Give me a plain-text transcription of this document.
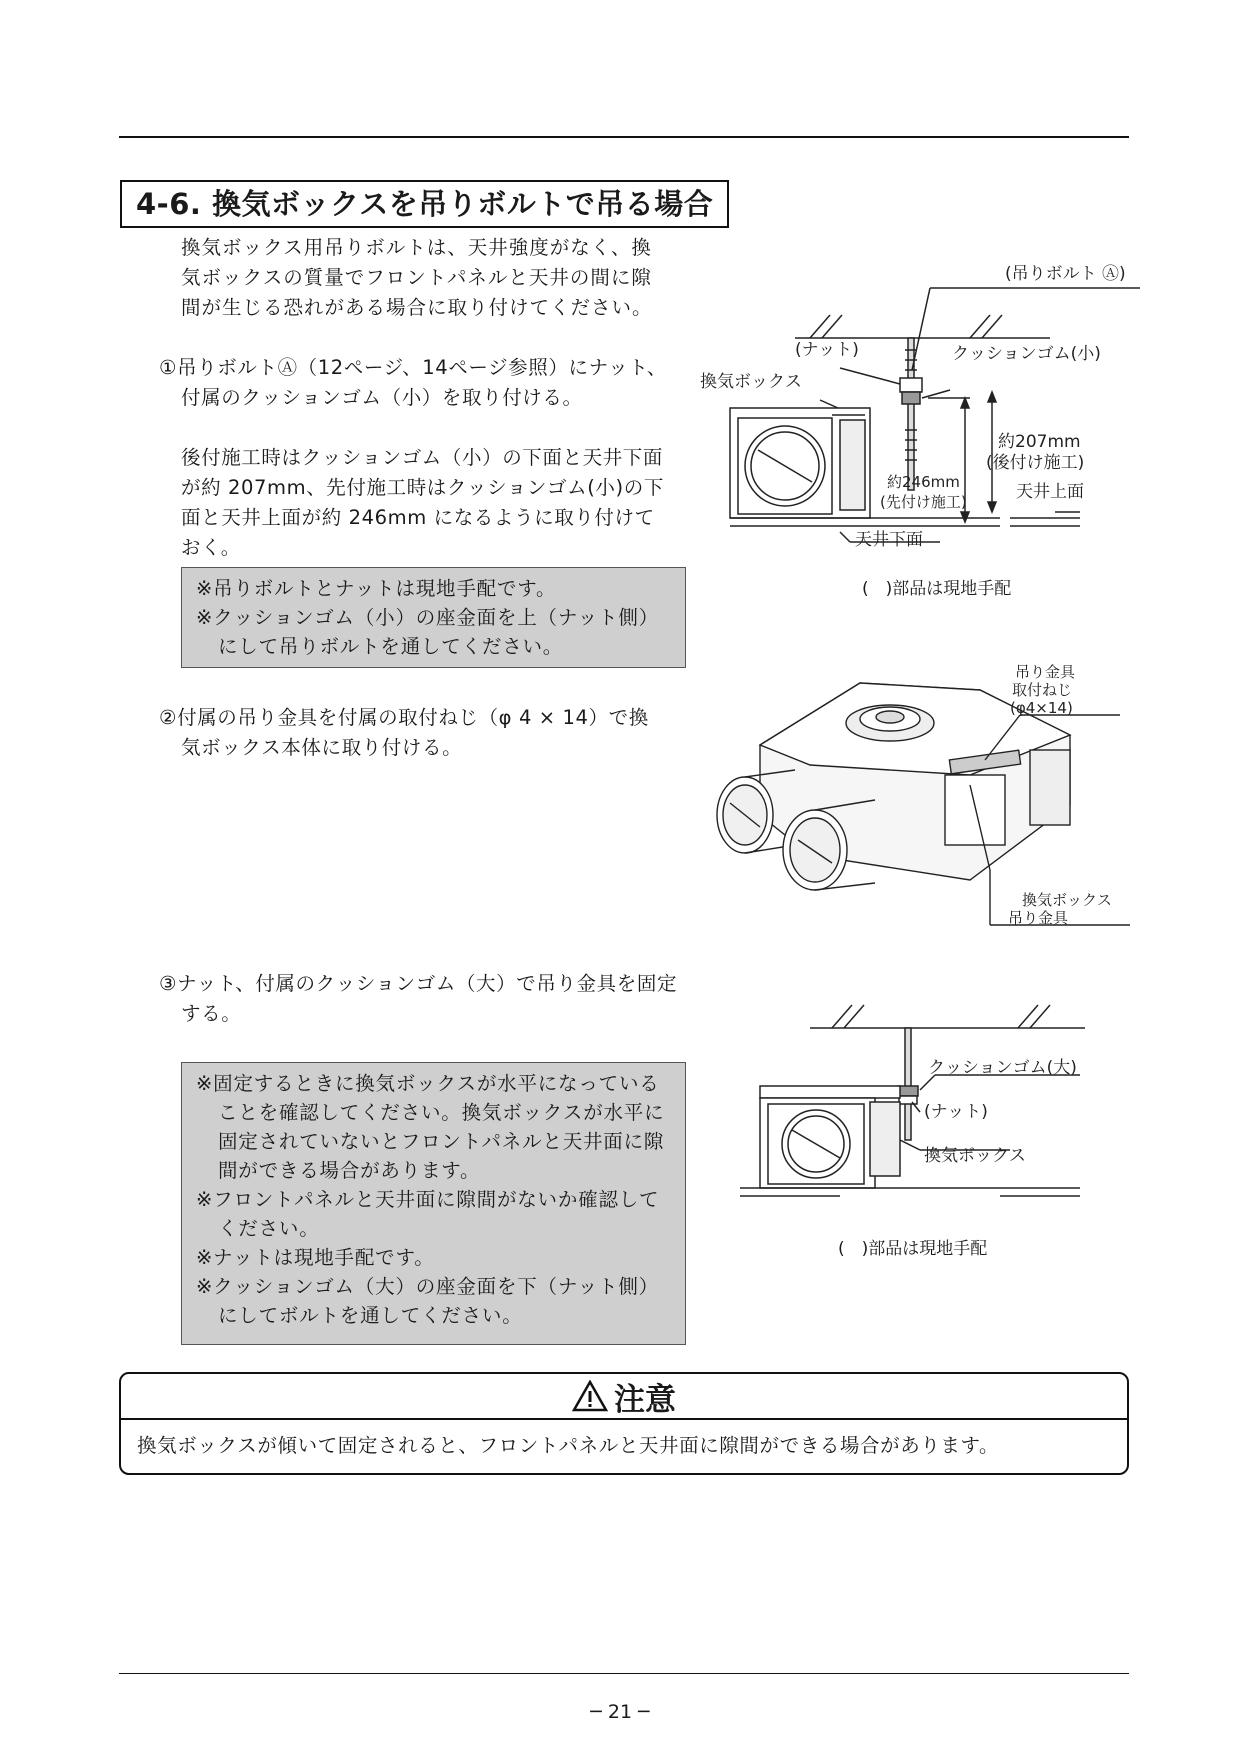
4-6. 換気ボックスを吊りボルトで吊る場合
換気ボックス用吊りボルトは、天井強度がなく、換
気ボックスの質量でフロントパネルと天井の間に隙
間が生じる恐れがある場合に取り付けてください。
①吊りボルトⒶ（12ページ、14ページ参照）にナット、
付属のクッションゴム（小）を取り付ける。
後付施工時はクッションゴム（小）の下面と天井下面
が約 207mm、先付施工時はクッションゴム(小)の下
面と天井上面が約 246mm になるように取り付けて
おく。
※吊りボルトとナットは現地手配です。
※クッションゴム（小）の座金面を上（ナット側）
にして吊りボルトを通してください。
②付属の吊り金具を付属の取付ねじ（φ 4 × 14）で換
気ボックス本体に取り付ける。
③ナット、付属のクッションゴム（大）で吊り金具を固定
する。
※固定するときに換気ボックスが水平になっている
ことを確認してください。換気ボックスが水平に
固定されていないとフロントパネルと天井面に隙
間ができる場合があります。
※フロントパネルと天井面に隙間がないか確認して
ください。
※ナットは現地手配です。
※クッションゴム（大）の座金面を下（ナット側）
にしてボルトを通してください。
(吊りボルト Ⓐ)
(ナット)	クッションゴム(小)
換気ボックス
約207mm
(後付け施工)
約246mm
(先付け施工)	天井上面
天井下面
(　)部品は現地手配
吊り金具
取付ねじ
(φ4×14)
換気ボックス
吊り金具
クッションゴム(大)
(ナット)
換気ボックス
(　)部品は現地手配
注意
換気ボックスが傾いて固定されると、フロントパネルと天井面に隙間ができる場合があります。
─ 21 ─
